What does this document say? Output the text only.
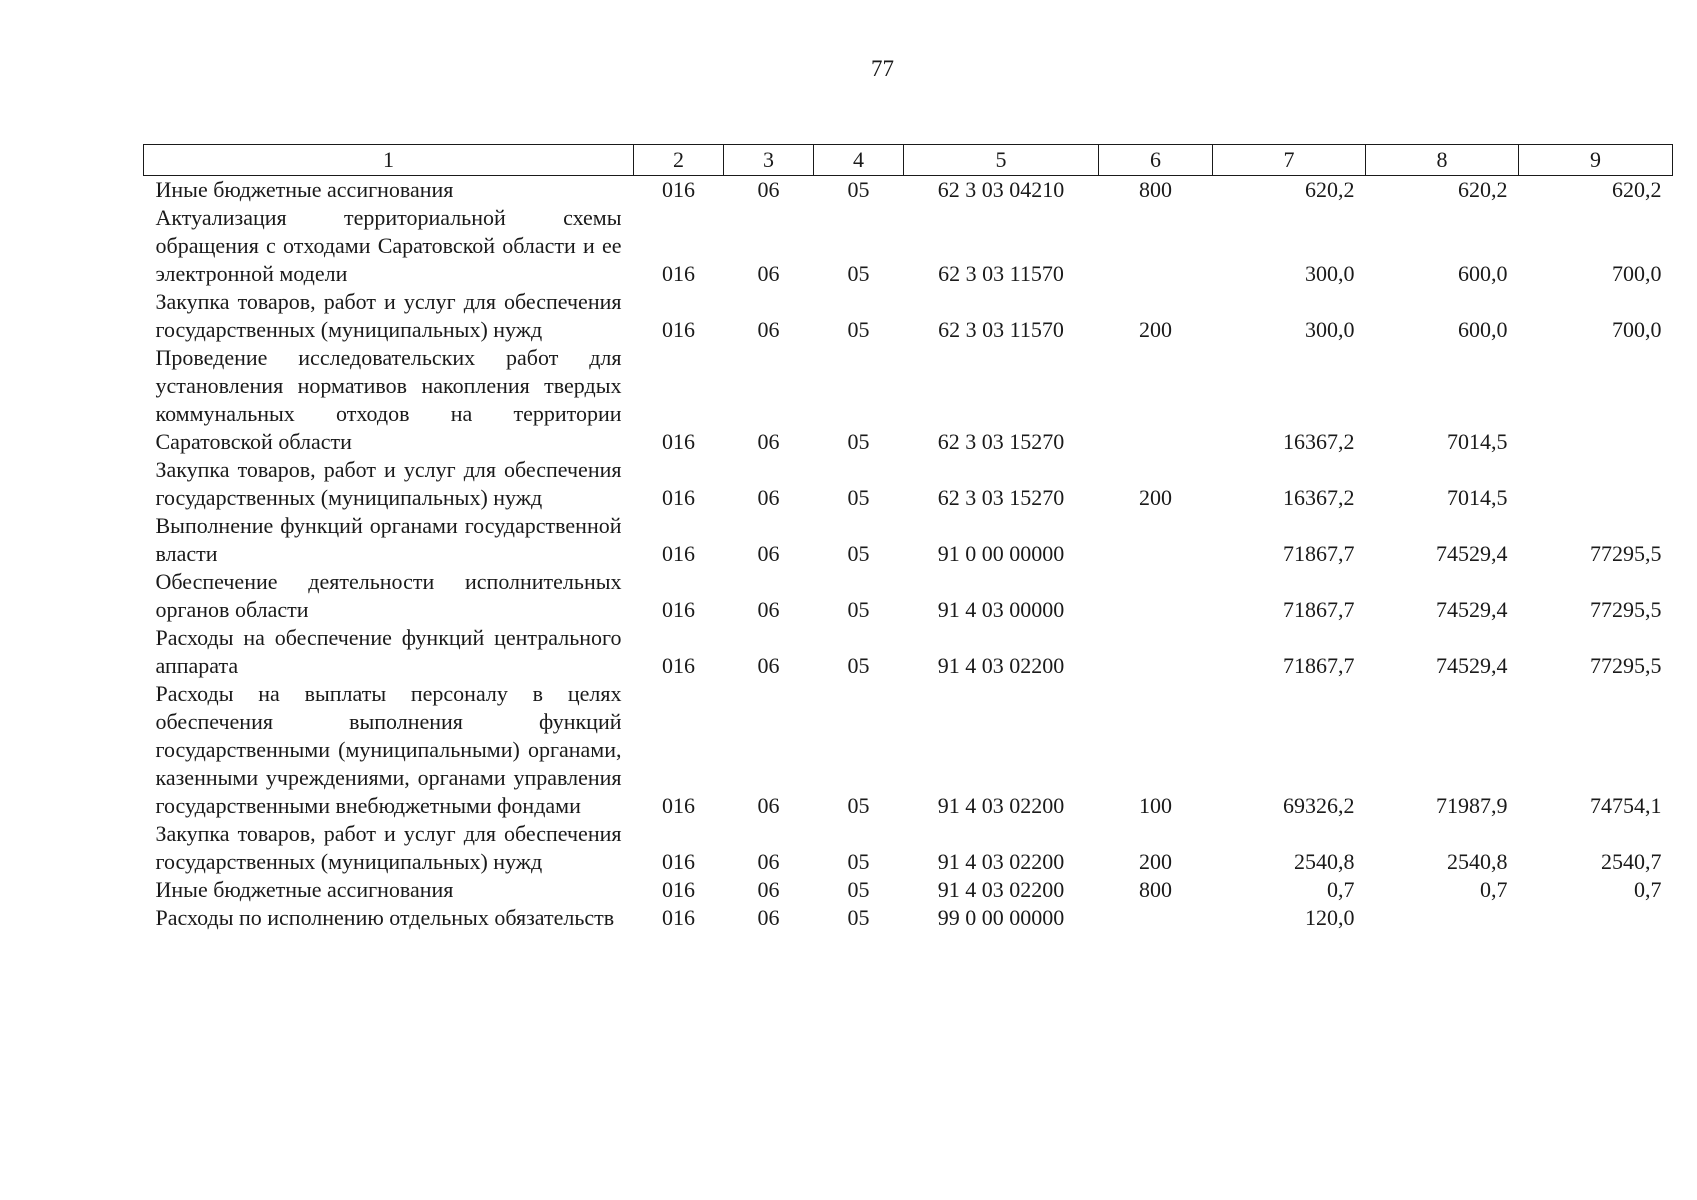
77
1	2	3	4	5	6	7	8	9
Иные бюджетные ассигнования	016	06	05	62 3 03 04210	800	620,2	620,2	620,2
Актуализация территориальной схемы обращения с отходами Саратовской области и ее электронной модели	016	06	05	62 3 03 11570		300,0	600,0	700,0
Закупка товаров, работ и услуг для обеспечения государственных (муниципальных) нужд	016	06	05	62 3 03 11570	200	300,0	600,0	700,0
Проведение исследовательских работ для установления нормативов накопления твердых коммунальных отходов на территории Саратовской области	016	06	05	62 3 03 15270		16367,2	7014,5	
Закупка товаров, работ и услуг для обеспечения государственных (муниципальных) нужд	016	06	05	62 3 03 15270	200	16367,2	7014,5	
Выполнение функций органами государственной власти	016	06	05	91 0 00 00000		71867,7	74529,4	77295,5
Обеспечение деятельности исполнительных органов области	016	06	05	91 4 03 00000		71867,7	74529,4	77295,5
Расходы на обеспечение функций центрального аппарата	016	06	05	91 4 03 02200		71867,7	74529,4	77295,5
Расходы на выплаты персоналу в целях обеспечения выполнения функций государственными (муниципальными) органами, казенными учреждениями, органами управления государственными внебюджетными фондами	016	06	05	91 4 03 02200	100	69326,2	71987,9	74754,1
Закупка товаров, работ и услуг для обеспечения государственных (муниципальных) нужд	016	06	05	91 4 03 02200	200	2540,8	2540,8	2540,7
Иные бюджетные ассигнования	016	06	05	91 4 03 02200	800	0,7	0,7	0,7
Расходы по исполнению отдельных обязательств	016	06	05	99 0 00 00000		120,0		
